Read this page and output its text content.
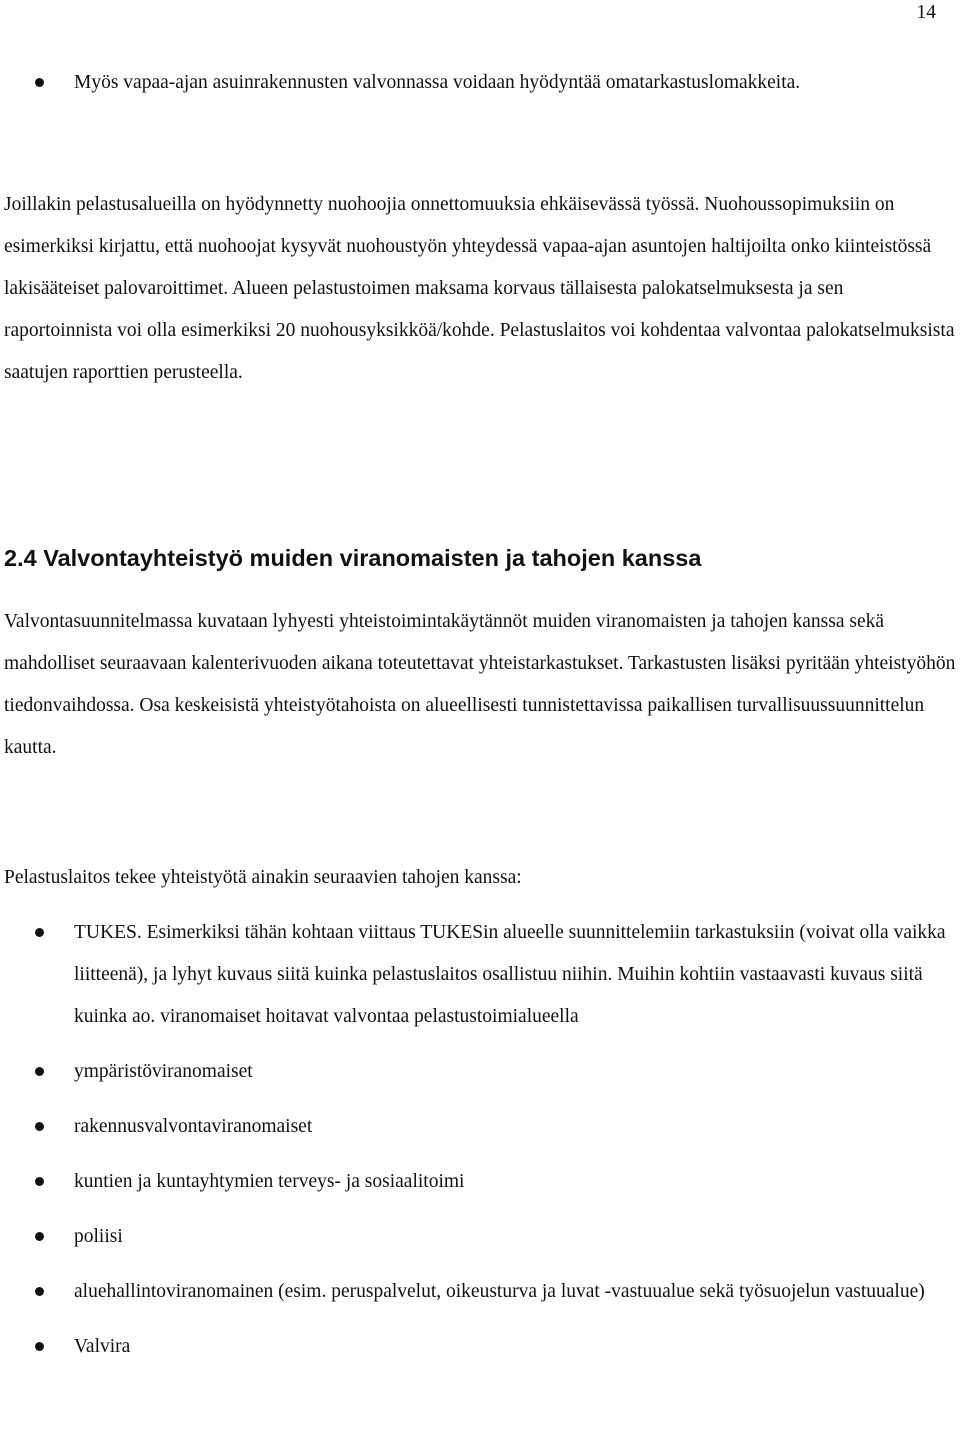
14
Myös vapaa-ajan asuinrakennusten valvonnassa voidaan hyödyntää omatarkastuslomakkeita.

Joillakin pelastusalueilla on hyödynnetty nuohoojia onnettomuuksia ehkäisevässä työssä. Nuohoussopimuksiin on esimerkiksi kirjattu, että nuohoojat kysyvät nuohoustyön yhteydessä vapaa-ajan asuntojen haltijoilta onko kiinteistössä lakisääteiset palovaroittimet. Alueen pelastustoimen maksama korvaus tällaisesta palokatselmuksesta ja sen raportoinnista voi olla esimerkiksi 20 nuohousyksikköä/kohde. Pelastuslaitos voi kohdentaa valvontaa palokatselmuksista saatujen raporttien perusteella.

2.4 Valvontayhteistyö muiden viranomaisten ja tahojen kanssa

Valvontasuunnitelmassa kuvataan lyhyesti yhteistoimintakäytännöt muiden viranomaisten ja tahojen kanssa sekä mahdolliset seuraavaan kalenterivuoden aikana toteutettavat yhteistarkastukset. Tarkastusten lisäksi pyritään yhteistyöhön tiedonvaihdossa. Osa keskeisistä yhteistyötahoista on alueellisesti tunnistettavissa paikallisen turvallisuussuunnittelun kautta.

Pelastuslaitos tekee yhteistyötä ainakin seuraavien tahojen kanssa:

TUKES. Esimerkiksi tähän kohtaan viittaus TUKESin alueelle suunnittelemiin tarkastuksiin (voivat olla vaikka liitteenä), ja lyhyt kuvaus siitä kuinka pelastuslaitos osallistuu niihin. Muihin kohtiin vastaavasti kuvaus siitä kuinka ao. viranomaiset hoitavat valvontaa pelastustoimialueella
ympäristöviranomaiset
rakennusvalvontaviranomaiset
kuntien ja kuntayhtymien terveys- ja sosiaalitoimi
poliisi
aluehallintoviranomainen (esim. peruspalvelut, oikeusturva ja luvat -vastuualue sekä työsuojelun vastuualue)
Valvira
